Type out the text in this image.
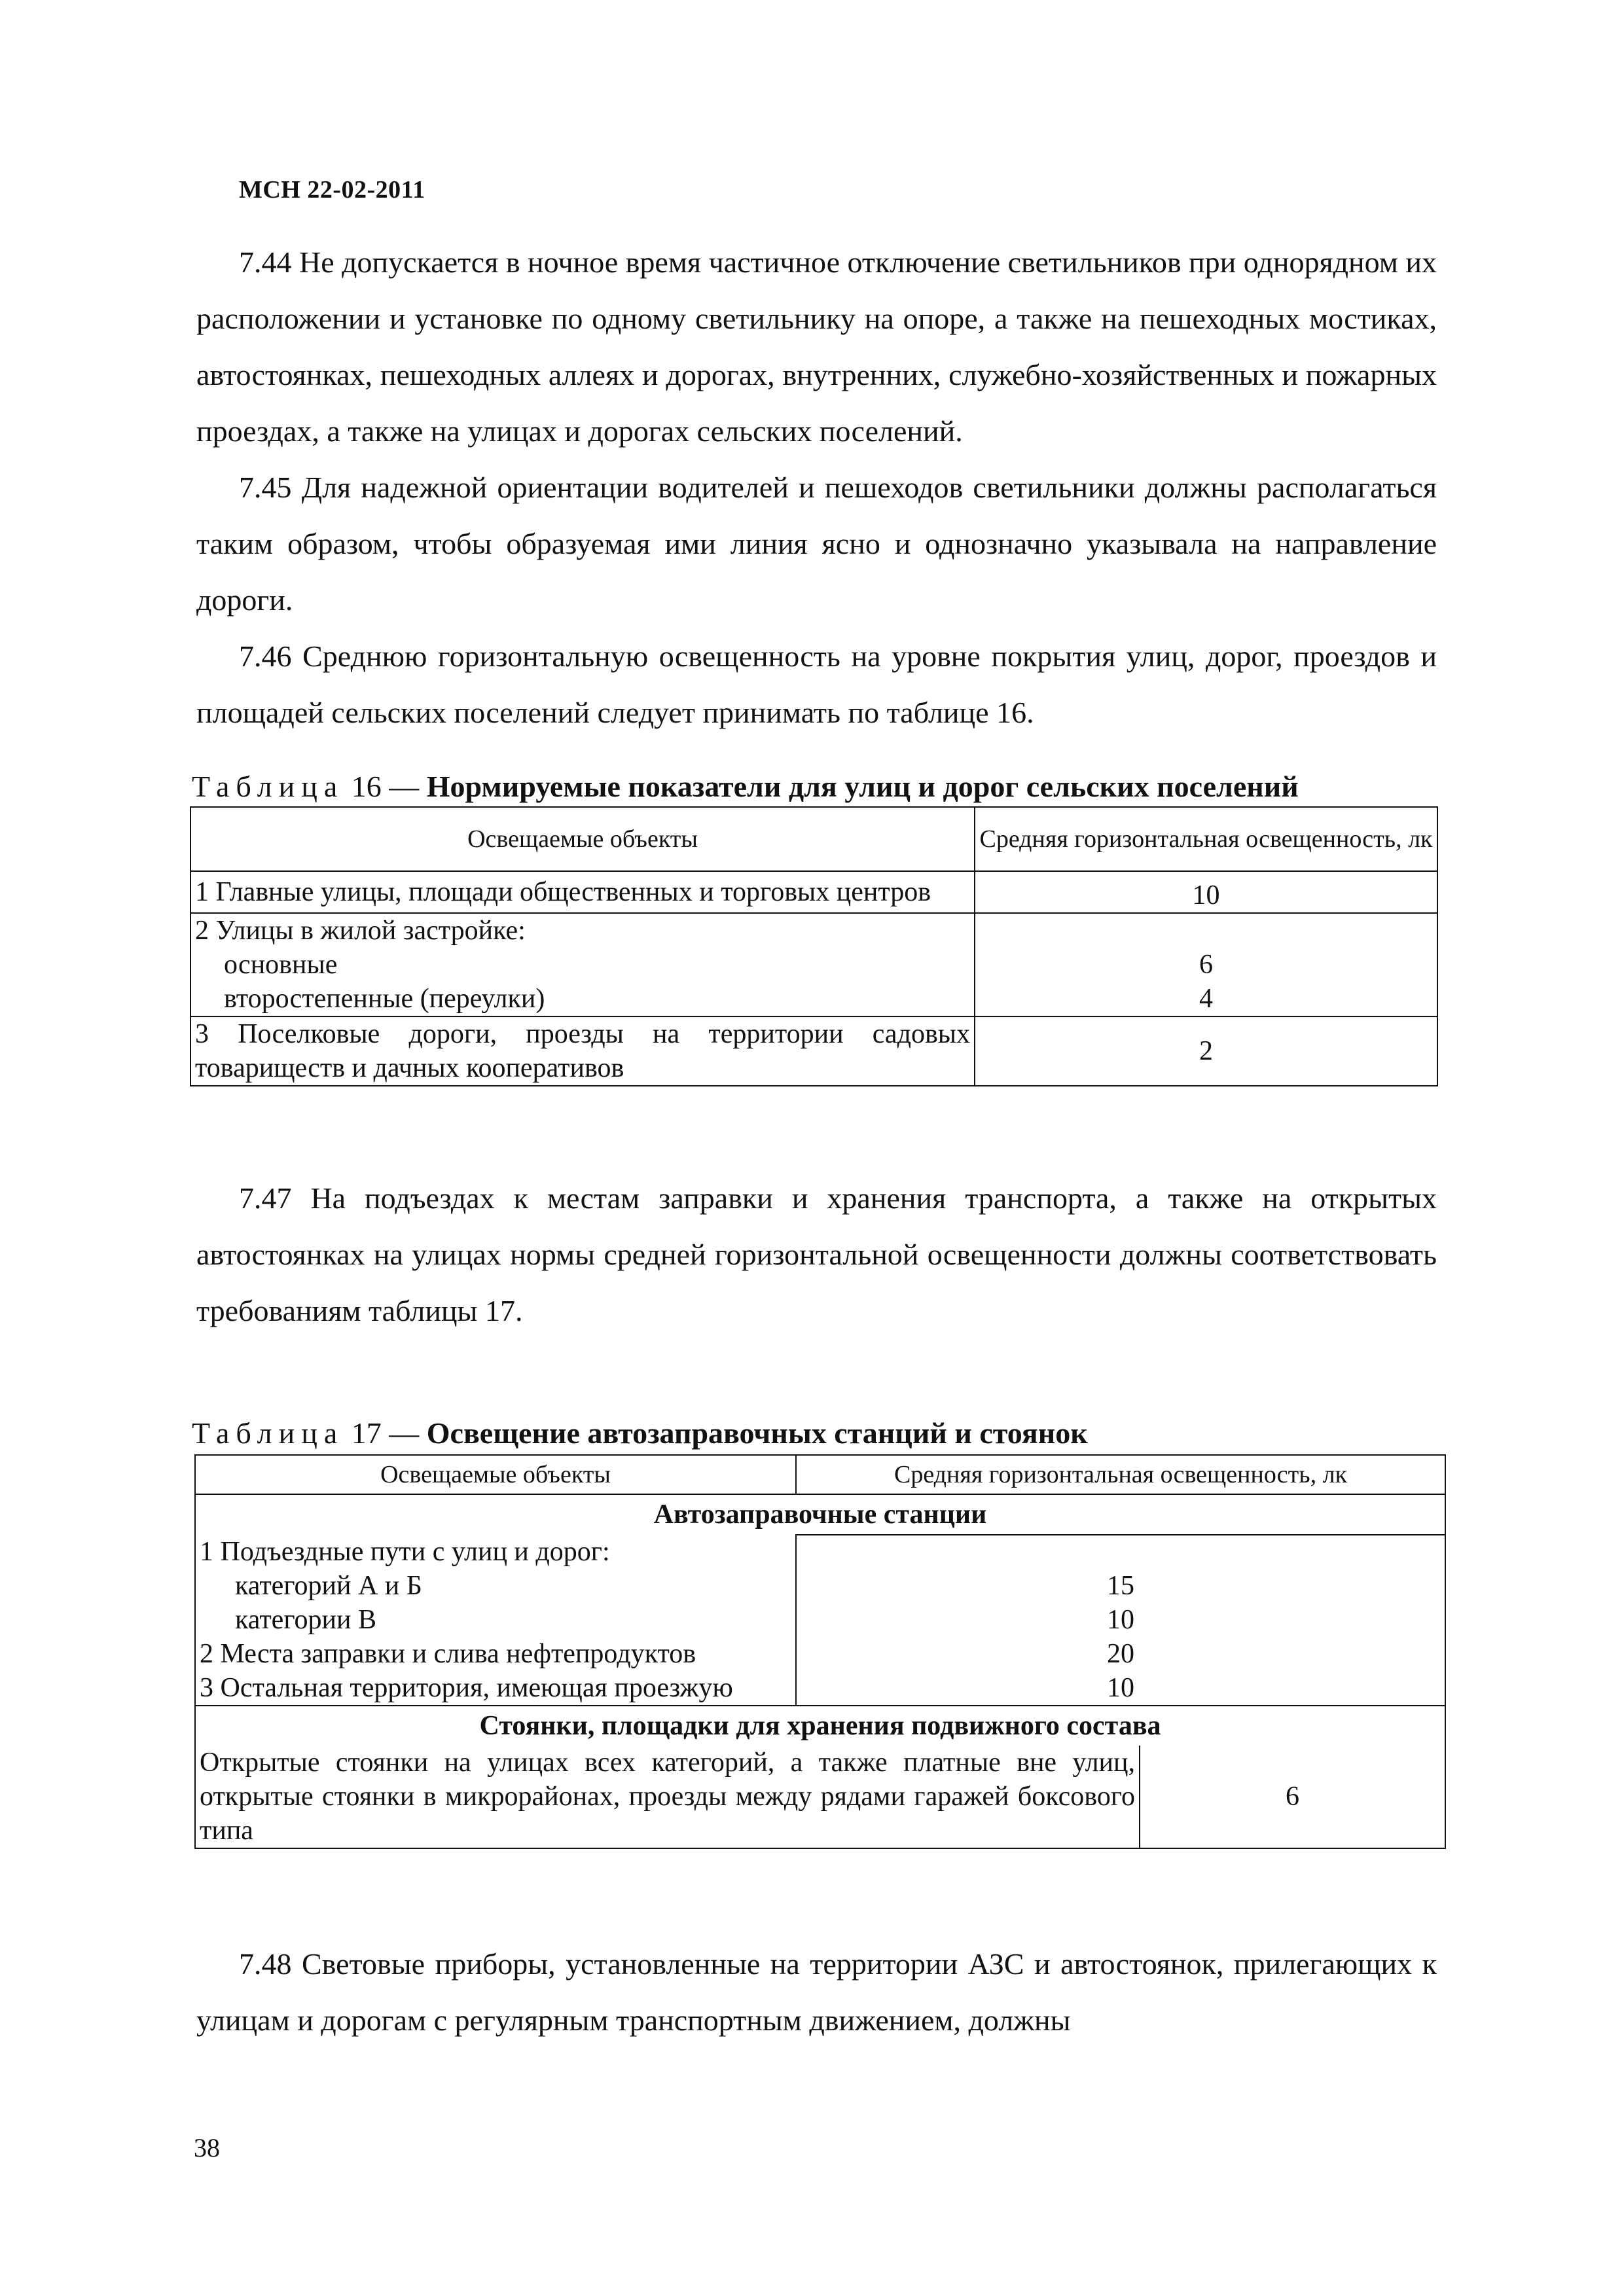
МСН 22-02-2011

7.44 Не допускается в ночное время частичное отключение светильников при однорядном их расположении и установке по одному светильнику на опоре, а также на пешеходных мостиках, автостоянках, пешеходных аллеях и дорогах, внутренних, служебно-хозяйственных и пожарных проездах, а также на улицах и дорогах сельских поселений.

7.45 Для надежной ориентации водителей и пешеходов светильники должны располагаться таким образом, чтобы образуемая ими линия ясно и однозначно указывала на направление дороги.

7.46 Среднюю горизонтальную освещенность на уровне покрытия улиц, дорог, проездов и площадей сельских поселений следует принимать по таблице 16.

Таблица 16 — Нормируемые показатели для улиц и дорог сельских поселений
Освещаемые объекты	Средняя горизонтальная освещенность, лк
1 Главные улицы, площади общественных и торговых центров	10
2 Улицы в жилой застройке:	
основные	6
второстепенные (переулки)	4
3 Поселковые дороги, проезды на территории садовых товариществ и дачных кооперативов	2

7.47 На подъездах к местам заправки и хранения транспорта, а также на открытых автостоянках на улицах нормы средней горизонтальной освещенности должны соответствовать требованиям таблицы 17.

Таблица 17 — Освещение автозаправочных станций и стоянок
Освещаемые объекты	Средняя горизонтальная освещенность, лк	
Автозаправочные станции		
1 Подъездные пути с улиц и дорог:		
категорий А и Б	15	
категории В	10	
2 Места заправки и слива нефтепродуктов	20	
3 Остальная территория, имеющая проезжую	10	
Стоянки, площадки для хранения подвижного состава		
Открытые стоянки на улицах всех категорий, а также платные вне улиц, открытые стоянки в микрорайонах, проезды между рядами гаражей боксового типа		6

7.48 Световые приборы, установленные на территории АЗС и автостоянок, прилегающих к улицам и дорогам с регулярным транспортным движением, должны

38
